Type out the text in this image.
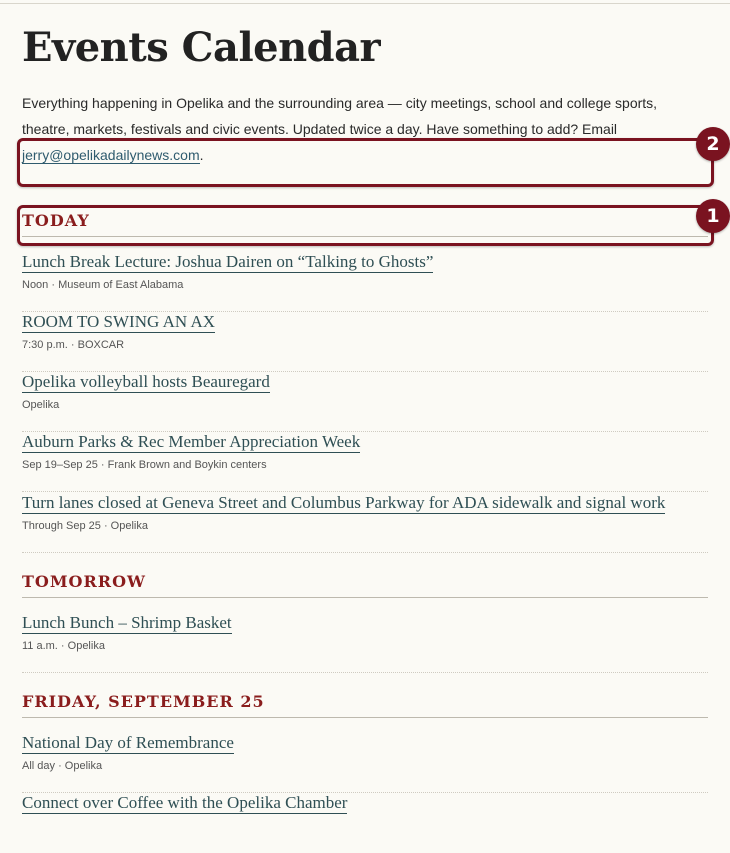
Events Calendar

Everything happening in Opelika and the surrounding area — city meetings, school and college sports, theatre, markets, festivals and civic events. Updated twice a day. Have something to add? Email jerry@opelikadailynews.com.

TODAY
Lunch Break Lecture: Joshua Dairen on “Talking to Ghosts”
Noon · Museum of East Alabama
ROOM TO SWING AN AX
7:30 p.m. · BOXCAR
Opelika volleyball hosts Beauregard
Opelika
Auburn Parks & Rec Member Appreciation Week
Sep 19–Sep 25 · Frank Brown and Boykin centers
Turn lanes closed at Geneva Street and Columbus Parkway for ADA sidewalk and signal work
Through Sep 25 · Opelika
TOMORROW
Lunch Bunch – Shrimp Basket
11 a.m. · Opelika
FRIDAY, SEPTEMBER 25
National Day of Remembrance
All day · Opelika
Connect over Coffee with the Opelika Chamber
2
1
